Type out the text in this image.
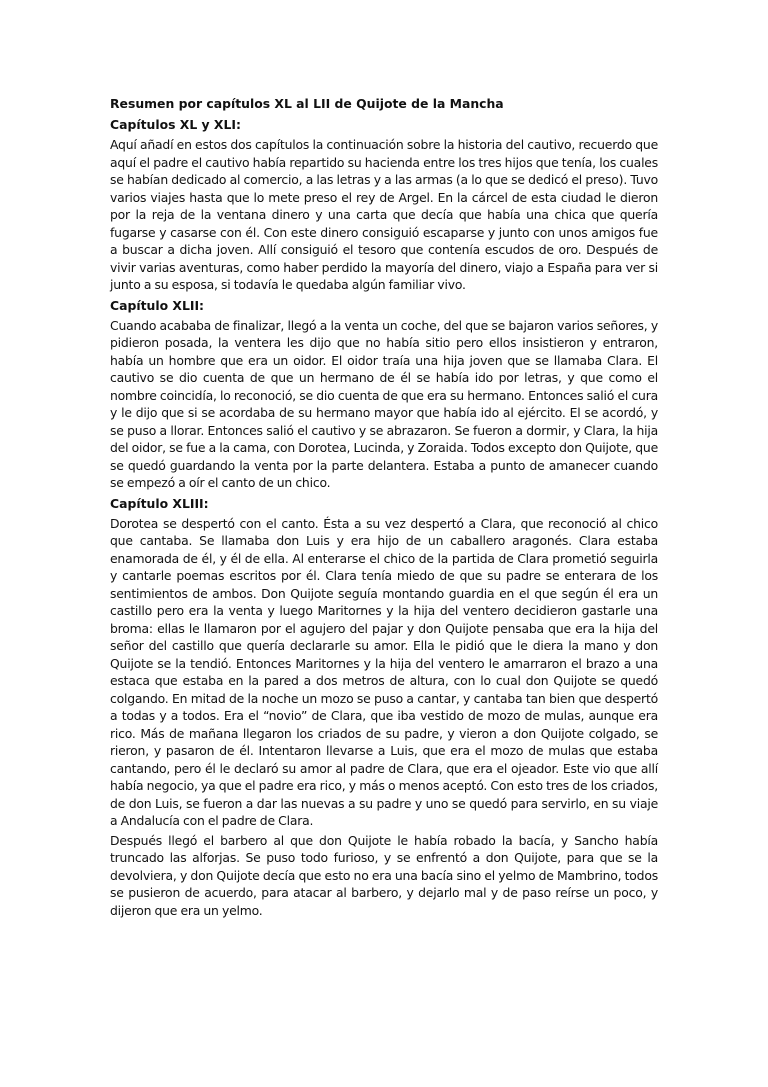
Resumen por capítulos XL al LII de Quijote de la Mancha
Capítulos XL y XLI:

Aquí añadí en estos dos capítulos la continuación sobre la historia del cautivo, recuerdo que aquí el padre el cautivo había repartido su hacienda entre los tres hijos que tenía, los cuales se habían dedicado al comercio, a las letras y a las armas (a lo que se dedicó el preso). Tuvo varios viajes hasta que lo mete preso el rey de Argel. En la cárcel de esta ciudad le dieron por la reja de la ventana dinero y una carta que decía que había una chica que quería fugarse y casarse con él. Con este dinero consiguió escaparse y junto con unos amigos fue a buscar a dicha joven. Allí consiguió el tesoro que contenía escudos de oro. Después de vivir varias aventuras, como haber perdido la mayoría del dinero, viajo a España para ver si junto a su esposa, si todavía le quedaba algún familiar vivo.

Capítulo XLII:

Cuando acababa de finalizar, llegó a la venta un coche, del que se bajaron varios señores, y pidieron posada, la ventera les dijo que no había sitio pero ellos insistieron y entraron, había un hombre que era un oidor. El oidor traía una hija joven que se llamaba Clara. El cautivo se dio cuenta de que un hermano de él se había ido por letras, y que como el nombre coincidía, lo reconoció, se dio cuenta de que era su hermano. Entonces salió el cura y le dijo que si se acordaba de su hermano mayor que había ido al ejército. El se acordó, y se puso a llorar. Entonces salió el cautivo y se abrazaron. Se fueron a dormir, y Clara, la hija del oidor, se fue a la cama, con Dorotea, Lucinda, y Zoraida. Todos excepto don Quijote, que se quedó guardando la venta por la parte delantera. Estaba a punto de amanecer cuando se empezó a oír el canto de un chico.

Capítulo XLIII:

Dorotea se despertó con el canto. Ésta a su vez despertó a Clara, que reconoció al chico que cantaba. Se llamaba don Luis y era hijo de un caballero aragonés. Clara estaba enamorada de él, y él de ella. Al enterarse el chico de la partida de Clara prometió seguirla y cantarle poemas escritos por él. Clara tenía miedo de que su padre se enterara de los sentimientos de ambos. Don Quijote seguía montando guardia en el que según él era un castillo pero era la venta y luego Maritornes y la hija del ventero decidieron gastarle una broma: ellas le llamaron por el agujero del pajar y don Quijote pensaba que era la hija del señor del castillo que quería declararle su amor. Ella le pidió que le diera la mano y don Quijote se la tendió. Entonces Maritornes y la hija del ventero le amarraron el brazo a una estaca que estaba en la pared a dos metros de altura, con lo cual don Quijote se quedó colgando. En mitad de la noche un mozo se puso a cantar, y cantaba tan bien que despertó a todas y a todos. Era el “novio” de Clara, que iba vestido de mozo de mulas, aunque era rico. Más de mañana llegaron los criados de su padre, y vieron a don Quijote colgado, se rieron, y pasaron de él. Intentaron llevarse a Luis, que era el mozo de mulas que estaba cantando, pero él le declaró su amor al padre de Clara, que era el ojeador. Este vio que allí había negocio, ya que el padre era rico, y más o menos aceptó. Con esto tres de los criados, de don Luis, se fueron a dar las nuevas a su padre y uno se quedó para servirlo, en su viaje a Andalucía con el padre de Clara.

Después llegó el barbero al que don Quijote le había robado la bacía, y Sancho había truncado las alforjas. Se puso todo furioso, y se enfrentó a don Quijote, para que se la devolviera, y don Quijote decía que esto no era una bacía sino el yelmo de Mambrino, todos se pusieron de acuerdo, para atacar al barbero, y dejarlo mal y de paso reírse un poco, y dijeron que era un yelmo.
